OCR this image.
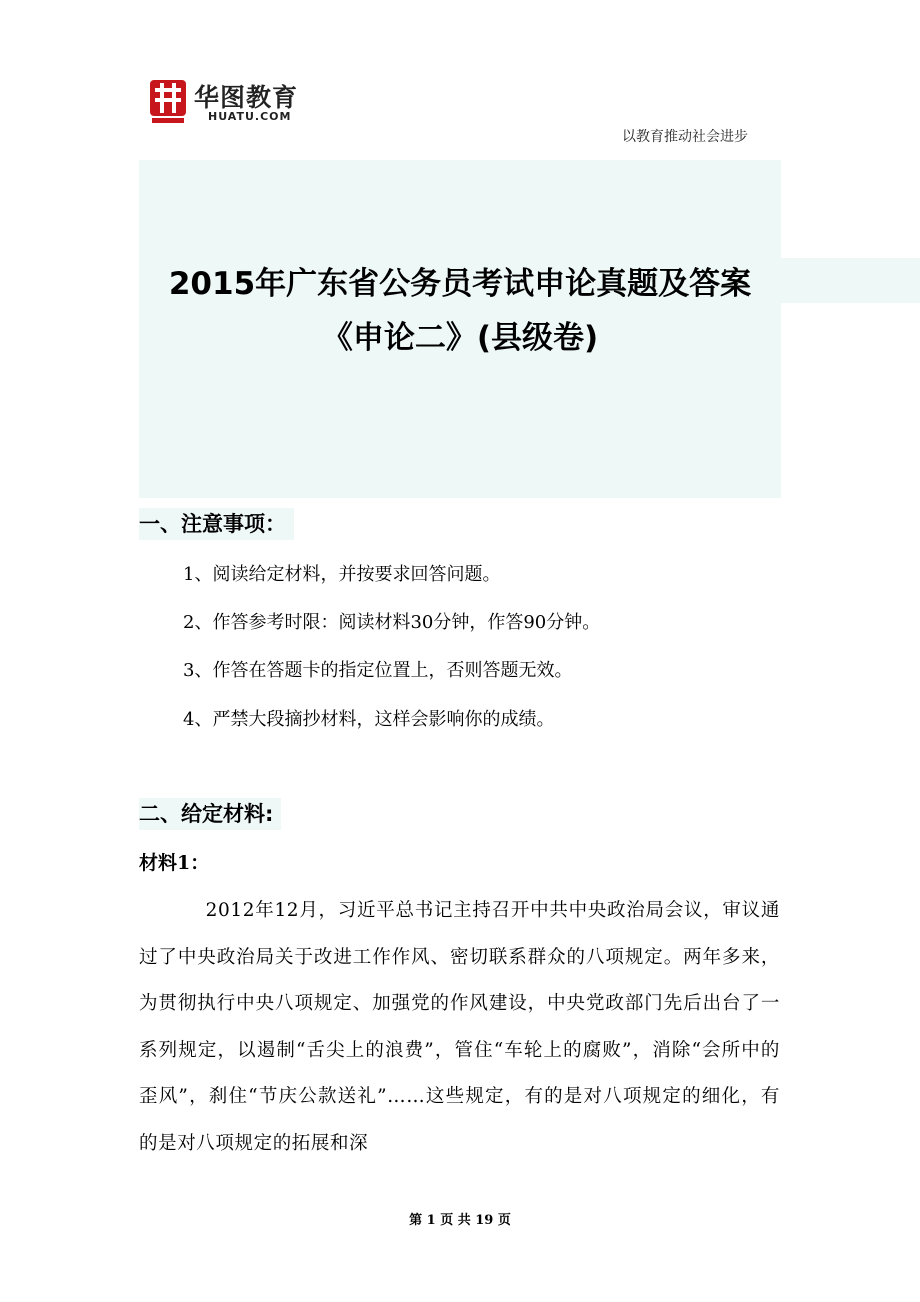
华图教育
HUATU.COM
以教育推动社会进步
2015年广东省公务员考试申论真题及答案
《申论二》(县级卷)
一、注意事项：
1、阅读给定材料，并按要求回答问题。
2、作答参考时限：阅读材料30分钟，作答90分钟。
3、作答在答题卡的指定位置上，否则答题无效。
4、严禁大段摘抄材料，这样会影响你的成绩。
二、给定材料:
材料1：
2012年12月，习近平总书记主持召开中共中央政治局会议，审议通过了中央政治局关于改进工作作风、密切联系群众的八项规定。两年多来，为贯彻执行中央八项规定、加强党的作风建设，中央党政部门先后出台了一系列规定，以遏制“舌尖上的浪费”，管住“车轮上的腐败”，消除“会所中的歪风”，刹住“节庆公款送礼”……这些规定，有的是对八项规定的细化，有的是对八项规定的拓展和深
第 1 页 共 19 页
